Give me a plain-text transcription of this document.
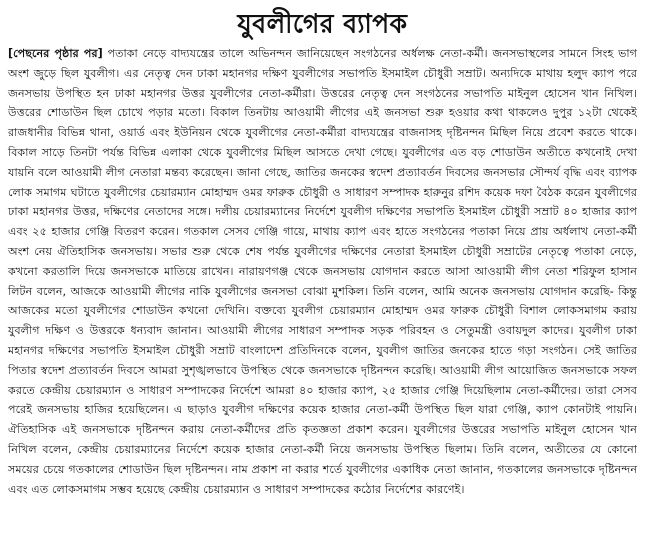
যুবলীগের ব্যাপক
[পেছনের পৃষ্ঠার পর] পতাকা নেড়ে বাদ্যযন্ত্রের তালে অভিনন্দন জানিয়েছেন সংগঠনের অর্ধলক্ষ নেতা-কর্মী। জনসভাস্থলের সামনে সিংহ ভাগ অংশ জুড়ে ছিল যুবলীগ। এর নেতৃত্ব দেন ঢাকা মহানগর দক্ষিণ যুবলীগের সভাপতি ইসমাইল চৌধুরী সম্রাট। অন্যদিকে মাথায় হলুদ ক্যাপ পরে জনসভায় উপস্থিত হন ঢাকা মহানগর উত্তর যুবলীগের নেতা-কর্মীরা। উত্তরের নেতৃত্ব দেন সংগঠনের সভাপতি মাইনুল হোসেন খান নিখিল। উত্তরের শোডাউন ছিল চোখে পড়ার মতো। বিকাল তিনটায় আওয়ামী লীগের এই জনসভা শুরু হওয়ার কথা থাকলেও দুপুর ১২টা থেকেই রাজধানীর বিভিন্ন থানা, ওয়ার্ড এবং ইউনিয়ন থেকে যুবলীগের নেতা-কর্মীরা বাদ্যযন্ত্রের বাজনাসহ দৃষ্টিনন্দন মিছিল নিয়ে প্রবেশ করতে থাকে। বিকাল সাড়ে তিনটা পর্যন্ত বিভিন্ন এলাকা থেকে যুবলীগের মিছিল আসতে দেখা গেছে। যুবলীগের এত বড় শোডাউন অতীতে কখনোই দেখা যায়নি বলে আওয়ামী লীগ নেতারা মন্তব্য করেছেন। জানা গেছে, জাতির জনকের স্বদেশ প্রত্যাবর্তন দিবসের জনসভার সৌন্দর্য বৃদ্ধি এবং ব্যাপক লোক সমাগম ঘটাতে যুবলীগের চেয়ারম্যান মোহাম্মদ ওমর ফারুক চৌধুরী ও সাধারণ সম্পাদক হারুনুর রশিদ কয়েক দফা বৈঠক করেন যুবলীগের ঢাকা মহানগর উত্তর, দক্ষিণের নেতাদের সঙ্গে। দলীয় চেয়ারম্যানের নির্দেশে যুবলীগ দক্ষিণের সভাপতি ইসমাইল চৌধুরী সম্রাট ৪০ হাজার ক্যাপ এবং ২৫ হাজার গেঞ্জি বিতরণ করেন। গতকাল সেসব গেঞ্জি গায়ে, মাথায় ক্যাপ এবং হাতে সংগঠনের পতাকা নিয়ে প্রায় অর্ধলাখ নেতা-কর্মী অংশ নেয় ঐতিহাসিক জনসভায়। সভার শুরু থেকে শেষ পর্যন্ত যুবলীগের দক্ষিণের নেতারা ইসমাইল চৌধুরী সম্রাটের নেতৃত্বে পতাকা নেড়ে, কখনো করতালি দিয়ে জনসভাকে মাতিয়ে রাখেন। নারায়ণগঞ্জ থেকে জনসভায় যোগদান করতে আসা আওয়ামী লীগ নেতা শরিফুল হাসান লিটন বলেন, আজকে আওয়ামী লীগের নাকি যুবলীগের জনসভা বোঝা মুশকিল। তিনি বলেন, আমি অনেক জনসভায় যোগদান করেছি- কিন্তু আজকের মতো যুবলীগের শোডাউন কখনো দেখিনি। বক্তব্যে যুবলীগ চেয়ারম্যান মোহাম্মদ ওমর ফারুক চৌধুরী বিশাল লোকসমাগম করায় যুবলীগ দক্ষিণ ও উত্তরকে ধন্যবাদ জানান। আওয়ামী লীগের সাধারণ সম্পাদক সড়ক পরিবহন ও সেতুমন্ত্রী ওবায়দুল কাদের। যুবলীগ ঢাকা মহানগর দক্ষিণের সভাপতি ইসমাইল চৌধুরী সম্রাট বাংলাদেশ প্রতিদিনকে বলেন, যুবলীগ জাতির জনকের হাতে গড়া সংগঠন। সেই জাতির পিতার স্বদেশ প্রত্যাবর্তন দিবসে আমরা সুশৃঙ্খলভাবে উপস্থিত থেকে জনসভাকে দৃষ্টিনন্দন করেছি। আওয়ামী লীগ আয়োজিত জনসভাকে সফল করতে কেন্দ্রীয় চেয়ারম্যান ও সাধারণ সম্পাদকের নির্দেশে আমরা ৪০ হাজার ক্যাপ, ২৫ হাজার গেঞ্জি দিয়েছিলাম নেতা-কর্মীদের। তারা সেসব পরেই জনসভায় হাজির হয়েছিলেন। এ ছাড়াও যুবলীগ দক্ষিণের কয়েক হাজার নেতা-কর্মী উপস্থিত ছিল যারা গেঞ্জি, ক্যাপ কোনটাই পায়নি। ঐতিহাসিক এই জনসভাকে দৃষ্টিনন্দন করায় নেতা-কর্মীদের প্রতি কৃতজ্ঞতা প্রকাশ করেন। যুবলীগের উত্তরের সভাপতি মাইনুল হোসেন খান নিখিল বলেন, কেন্দ্রীয় চেয়ারম্যানের নির্দেশে কয়েক হাজার নেতা-কর্মী নিয়ে জনসভায় উপস্থিত ছিলাম। তিনি বলেন, অতীতের যে কোনো সময়ের চেয়ে গতকালের শোডাউন ছিল দৃষ্টিনন্দন। নাম প্রকাশ না করার শর্তে যুবলীগের একাধিক নেতা জানান, গতকালের জনসভাকে দৃষ্টিনন্দন এবং এত লোকসমাগম সম্ভব হয়েছে কেন্দ্রীয় চেয়ারম্যান ও সাধারণ সম্পাদকের কঠোর নির্দেশের কারণেই।
